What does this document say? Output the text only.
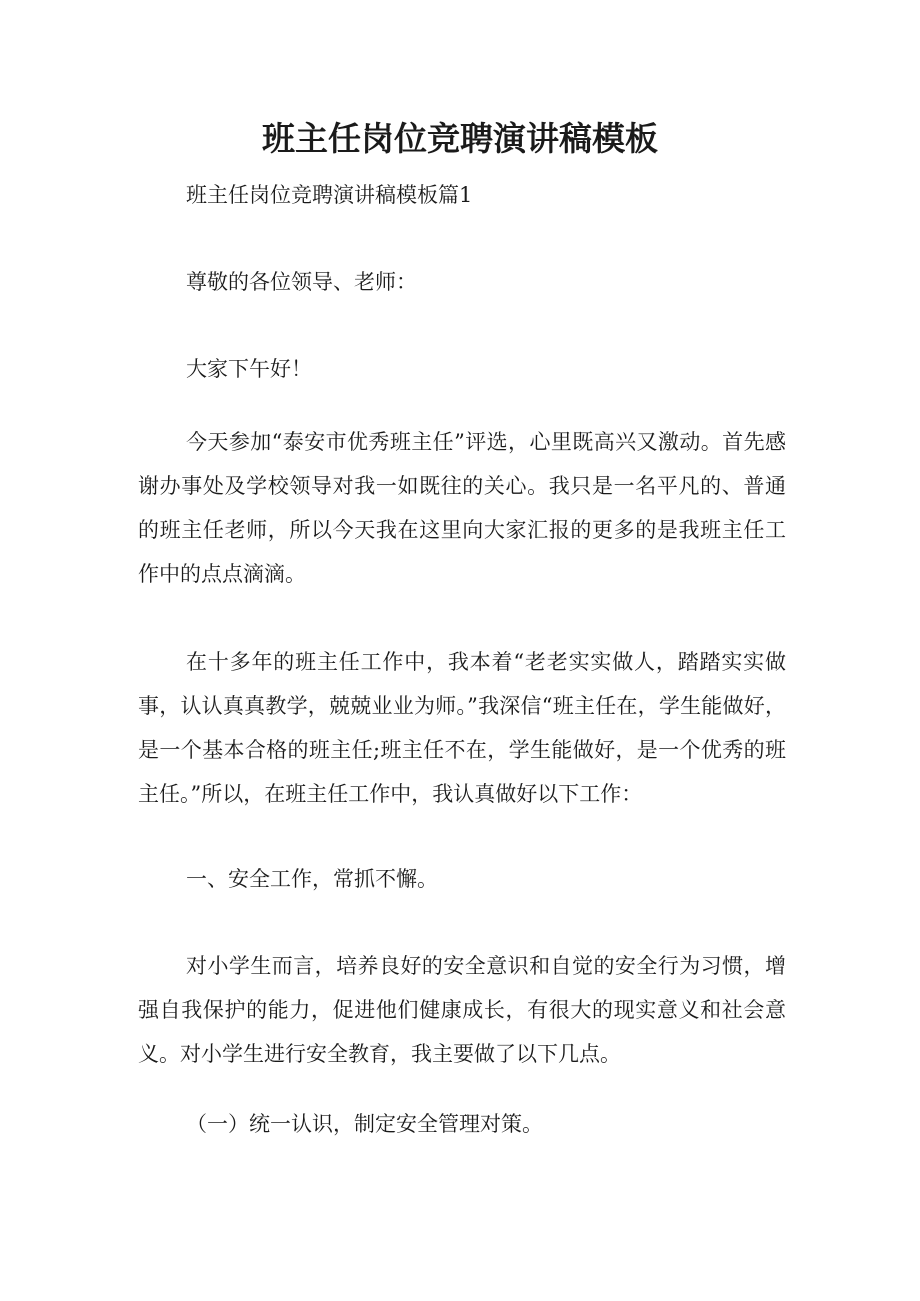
班主任岗位竞聘演讲稿模板

班主任岗位竞聘演讲稿模板篇1

尊敬的各位领导、老师：

大家下午好！

今天参加“泰安市优秀班主任”评选，心里既高兴又激动。首先感谢办事处及学校领导对我一如既往的关心。我只是一名平凡的、普通的班主任老师，所以今天我在这里向大家汇报的更多的是我班主任工作中的点点滴滴。

在十多年的班主任工作中，我本着“老老实实做人，踏踏实实做事，认认真真教学，兢兢业业为师。”我深信“班主任在，学生能做好，是一个基本合格的班主任;班主任不在，学生能做好，是一个优秀的班主任。”所以，在班主任工作中，我认真做好以下工作：

一、安全工作，常抓不懈。

对小学生而言，培养良好的安全意识和自觉的安全行为习惯，增强自我保护的能力，促进他们健康成长，有很大的现实意义和社会意义。对小学生进行安全教育，我主要做了以下几点。

（一）统一认识，制定安全管理对策。
